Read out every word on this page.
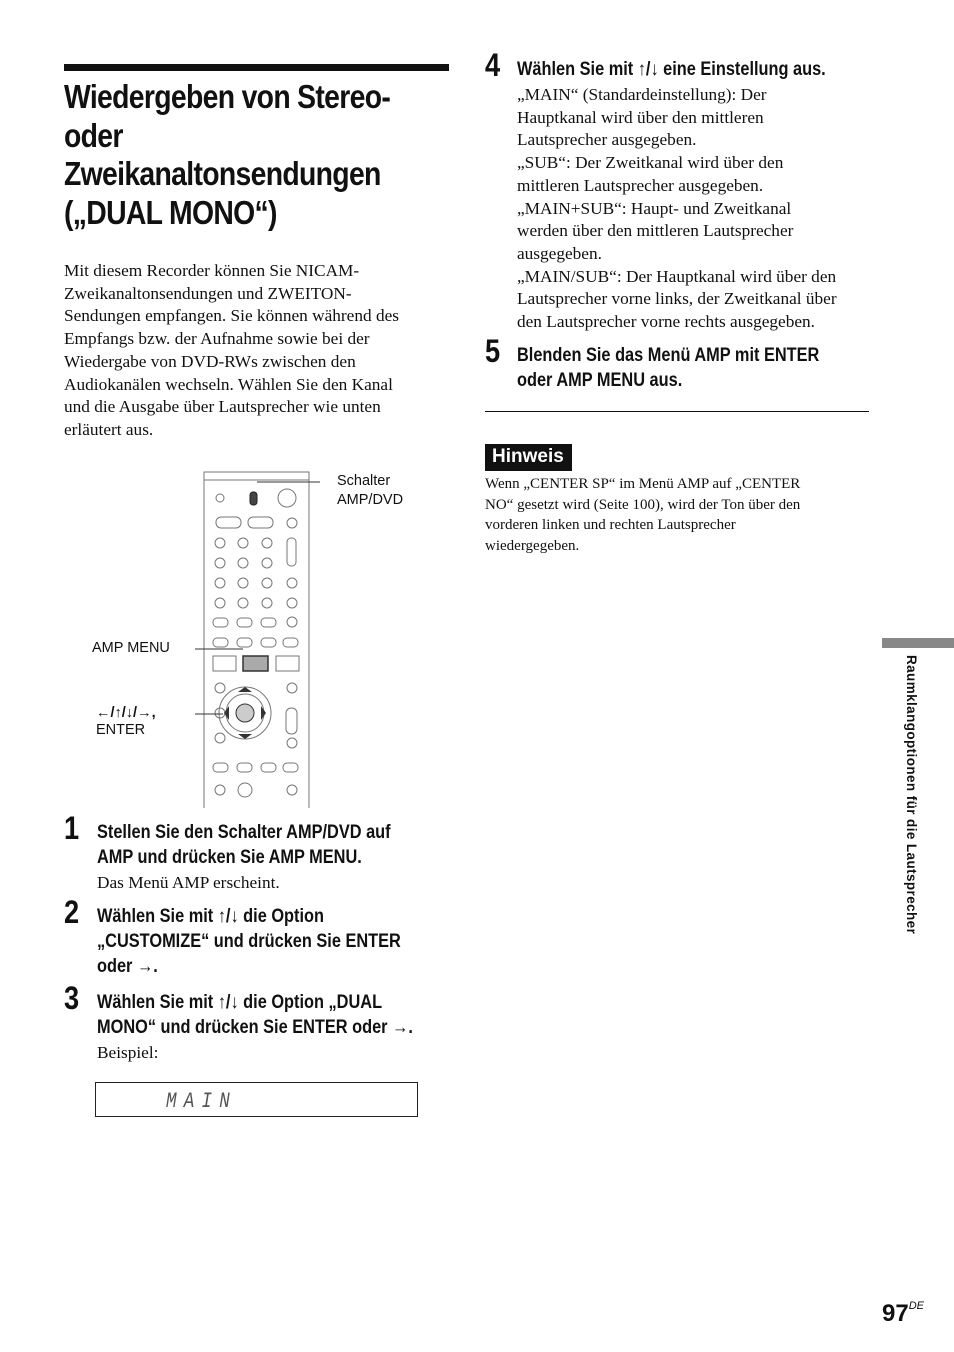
Wiedergeben von Stereo-
oder
Zweikanaltonsendungen
(„DUAL MONO“)
Mit diesem Recorder können Sie NICAM-
Zweikanaltonsendungen und ZWEITON-
Sendungen empfangen. Sie können während des
Empfangs bzw. der Aufnahme sowie bei der
Wiedergabe von DVD-RWs zwischen den
Audiokanälen wechseln. Wählen Sie den Kanal
und die Ausgabe über Lautsprecher wie unten
erläutert aus.
Schalter
AMP/DVD
AMP MENU
←/↑/↓/→,
ENTER
1 Stellen Sie den Schalter AMP/DVD auf
AMP und drücken Sie AMP MENU.
Das Menü AMP erscheint.
2 Wählen Sie mit ↑/↓ die Option
„CUSTOMIZE“ und drücken Sie ENTER
oder →.
3 Wählen Sie mit ↑/↓ die Option „DUAL
MONO“ und drücken Sie ENTER oder →.
Beispiel:
MAIN
4 Wählen Sie mit ↑/↓ eine Einstellung aus.
„MAIN“ (Standardeinstellung): Der
Hauptkanal wird über den mittleren
Lautsprecher ausgegeben.
„SUB“: Der Zweitkanal wird über den
mittleren Lautsprecher ausgegeben.
„MAIN+SUB“: Haupt- und Zweitkanal
werden über den mittleren Lautsprecher
ausgegeben.
„MAIN/SUB“: Der Hauptkanal wird über den
Lautsprecher vorne links, der Zweitkanal über
den Lautsprecher vorne rechts ausgegeben.
5 Blenden Sie das Menü AMP mit ENTER
oder AMP MENU aus.
Hinweis
Wenn „CENTER SP“ im Menü AMP auf „CENTER
NO“ gesetzt wird (Seite 100), wird der Ton über den
vorderen linken und rechten Lautsprecher
wiedergegeben.
Raumklangoptionen für die Lautsprecher
97DE
